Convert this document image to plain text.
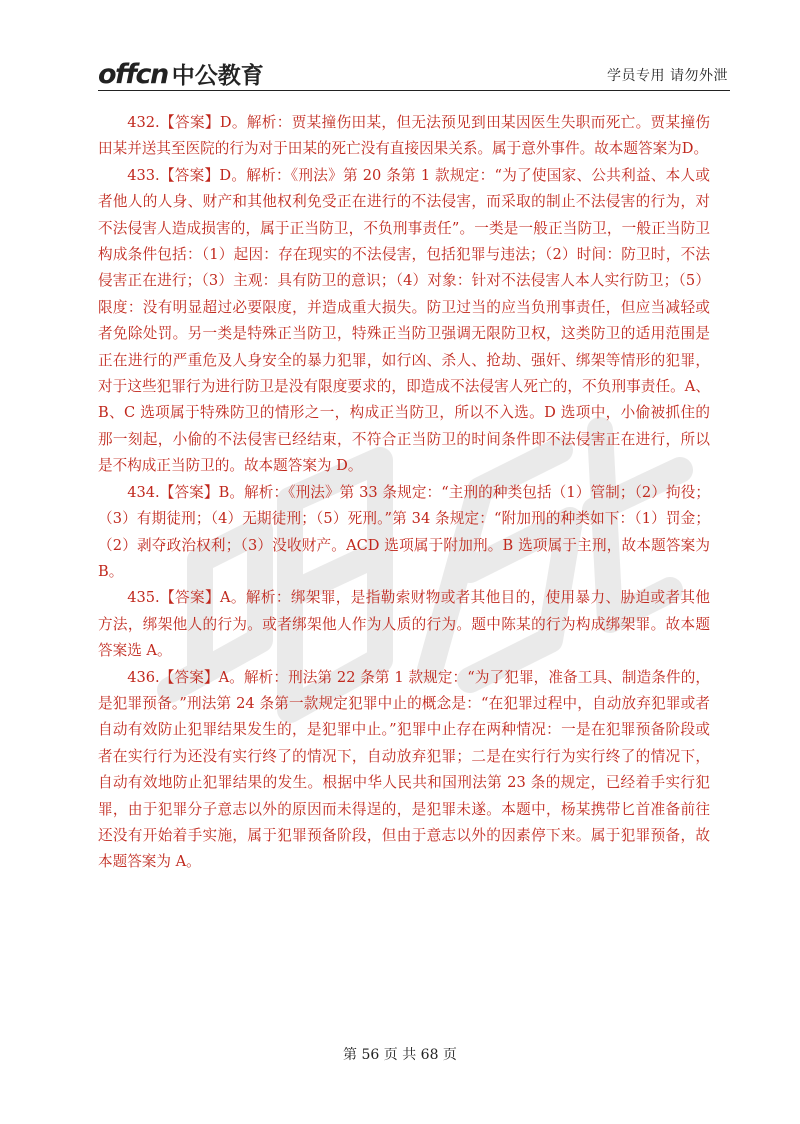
offcn 中公教育	学员专用 请勿外泄

432.【答案】D。解析：贾某撞伤田某，但无法预见到田某因医生失职而死亡。贾某撞伤田某并送其至医院的行为对于田某的死亡没有直接因果关系。属于意外事件。故本题答案为D。

433.【答案】D。解析：《刑法》第 20 条第 1 款规定：“为了使国家、公共利益、本人或者他人的人身、财产和其他权利免受正在进行的不法侵害，而采取的制止不法侵害的行为，对不法侵害人造成损害的，属于正当防卫，不负刑事责任”。一类是一般正当防卫，一般正当防卫构成条件包括：（1）起因：存在现实的不法侵害，包括犯罪与违法；（2）时间：防卫时，不法侵害正在进行；（3）主观：具有防卫的意识；（4）对象：针对不法侵害人本人实行防卫；（5）限度：没有明显超过必要限度，并造成重大损失。防卫过当的应当负刑事责任，但应当减轻或者免除处罚。另一类是特殊正当防卫，特殊正当防卫强调无限防卫权，这类防卫的适用范围是正在进行的严重危及人身安全的暴力犯罪，如行凶、杀人、抢劫、强奸、绑架等情形的犯罪，对于这些犯罪行为进行防卫是没有限度要求的，即造成不法侵害人死亡的，不负刑事责任。A、B、C 选项属于特殊防卫的情形之一，构成正当防卫，所以不入选。D 选项中，小偷被抓住的那一刻起，小偷的不法侵害已经结束，不符合正当防卫的时间条件即不法侵害正在进行，所以是不构成正当防卫的。故本题答案为 D。

434.【答案】B。解析：《刑法》第 33 条规定：“主刑的种类包括（1）管制；（2）拘役；（3）有期徒刑；（4）无期徒刑；（5）死刑。”第 34 条规定：“附加刑的种类如下：（1）罚金；（2）剥夺政治权利；（3）没收财产。ACD 选项属于附加刑。B 选项属于主刑，故本题答案为 B。

435.【答案】A。解析：绑架罪，是指勒索财物或者其他目的，使用暴力、胁迫或者其他方法，绑架他人的行为。或者绑架他人作为人质的行为。题中陈某的行为构成绑架罪。故本题答案选 A。

436.【答案】A。解析：刑法第 22 条第 1 款规定：“为了犯罪，准备工具、制造条件的，是犯罪预备。”刑法第 24 条第一款规定犯罪中止的概念是：“在犯罪过程中，自动放弃犯罪或者自动有效防止犯罪结果发生的，是犯罪中止。”犯罪中止存在两种情况：一是在犯罪预备阶段或者在实行行为还没有实行终了的情况下，自动放弃犯罪；二是在实行行为实行终了的情况下，自动有效地防止犯罪结果的发生。根据中华人民共和国刑法第 23 条的规定，已经着手实行犯罪，由于犯罪分子意志以外的原因而未得逞的，是犯罪未遂。本题中，杨某携带匕首准备前往还没有开始着手实施，属于犯罪预备阶段，但由于意志以外的因素停下来。属于犯罪预备，故本题答案为 A。

第 56 页 共 68 页
